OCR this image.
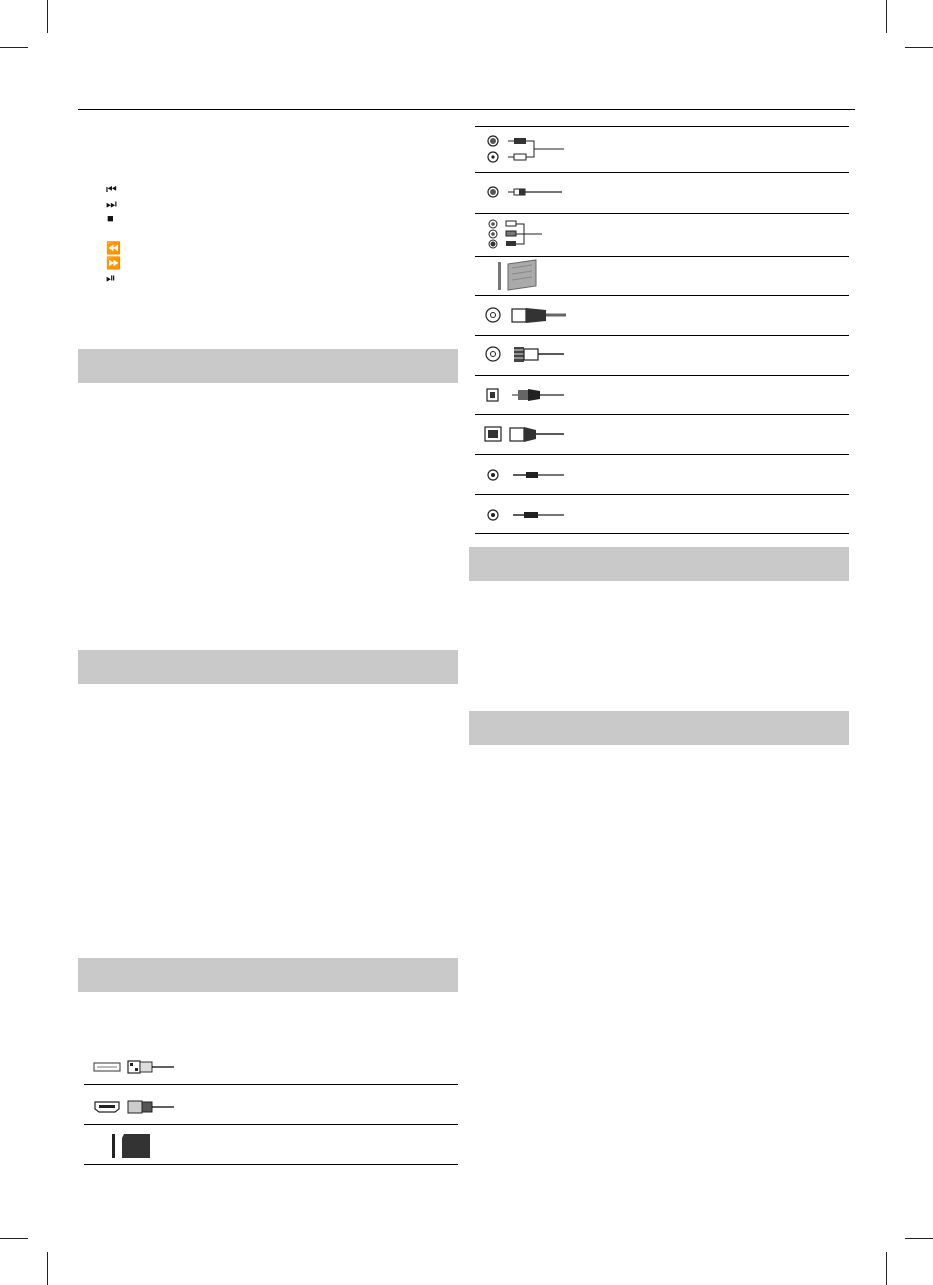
⏮
⏭
■
⏪
⏩
⏯
